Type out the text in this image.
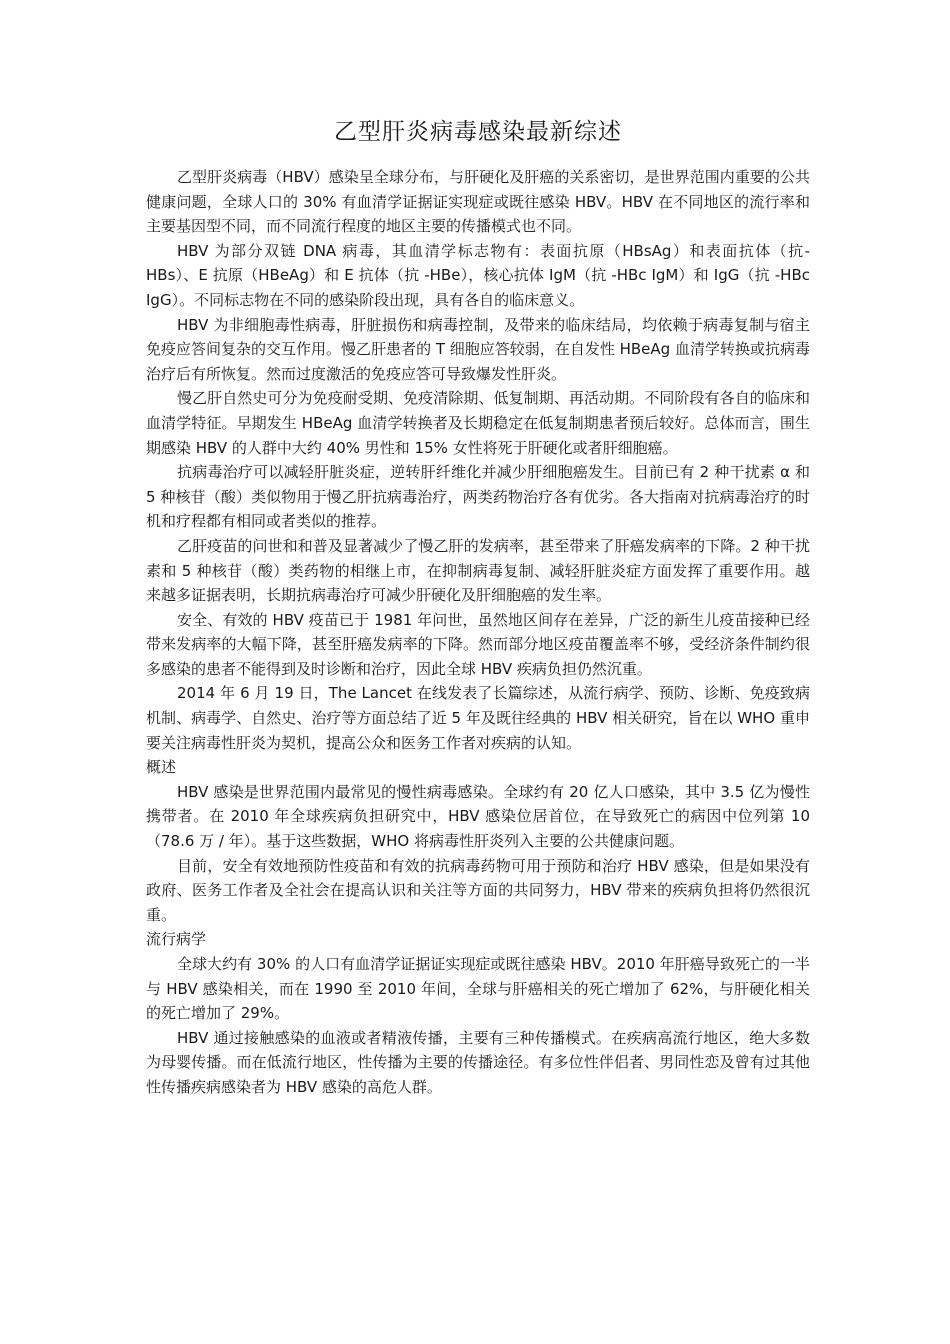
乙型肝炎病毒感染最新综述

乙型肝炎病毒（HBV）感染呈全球分布，与肝硬化及肝癌的关系密切，是世界范围内重要的公共健康问题，全球人口的 30% 有血清学证据证实现症或既往感染 HBV。HBV 在不同地区的流行率和主要基因型不同，而不同流行程度的地区主要的传播模式也不同。

HBV 为部分双链 DNA 病毒，其血清学标志物有：表面抗原（HBsAg）和表面抗体（抗-HBs）、E 抗原（HBeAg）和 E 抗体（抗 -HBe），核心抗体 IgM（抗 -HBc IgM）和 IgG（抗 -HBc IgG）。不同标志物在不同的感染阶段出现，具有各自的临床意义。

HBV 为非细胞毒性病毒，肝脏损伤和病毒控制，及带来的临床结局，均依赖于病毒复制与宿主免疫应答间复杂的交互作用。慢乙肝患者的 T 细胞应答较弱，在自发性 HBeAg 血清学转换或抗病毒治疗后有所恢复。然而过度激活的免疫应答可导致爆发性肝炎。

慢乙肝自然史可分为免疫耐受期、免疫清除期、低复制期、再活动期。不同阶段有各自的临床和血清学特征。早期发生 HBeAg 血清学转换者及长期稳定在低复制期患者预后较好。总体而言，围生期感染 HBV 的人群中大约 40% 男性和 15% 女性将死于肝硬化或者肝细胞癌。

抗病毒治疗可以减轻肝脏炎症，逆转肝纤维化并减少肝细胞癌发生。目前已有 2 种干扰素 α 和 5 种核苷（酸）类似物用于慢乙肝抗病毒治疗，两类药物治疗各有优劣。各大指南对抗病毒治疗的时机和疗程都有相同或者类似的推荐。

乙肝疫苗的问世和和普及显著减少了慢乙肝的发病率，甚至带来了肝癌发病率的下降。2 种干扰素和 5 种核苷（酸）类药物的相继上市，在抑制病毒复制、减轻肝脏炎症方面发挥了重要作用。越来越多证据表明，长期抗病毒治疗可减少肝硬化及肝细胞癌的发生率。

安全、有效的 HBV 疫苗已于 1981 年问世，虽然地区间存在差异，广泛的新生儿疫苗接种已经带来发病率的大幅下降，甚至肝癌发病率的下降。然而部分地区疫苗覆盖率不够，受经济条件制约很多感染的患者不能得到及时诊断和治疗，因此全球 HBV 疾病负担仍然沉重。

2014 年 6 月 19 日，The Lancet 在线发表了长篇综述，从流行病学、预防、诊断、免疫致病机制、病毒学、自然史、治疗等方面总结了近 5 年及既往经典的 HBV 相关研究，旨在以 WHO 重申要关注病毒性肝炎为契机，提高公众和医务工作者对疾病的认知。

概述

HBV 感染是世界范围内最常见的慢性病毒感染。全球约有 20 亿人口感染，其中 3.5 亿为慢性携带者。在 2010 年全球疾病负担研究中，HBV 感染位居首位，在导致死亡的病因中位列第 10（78.6 万 / 年）。基于这些数据，WHO 将病毒性肝炎列入主要的公共健康问题。

目前，安全有效地预防性疫苗和有效的抗病毒药物可用于预防和治疗 HBV 感染，但是如果没有政府、医务工作者及全社会在提高认识和关注等方面的共同努力，HBV 带来的疾病负担将仍然很沉重。

流行病学

全球大约有 30% 的人口有血清学证据证实现症或既往感染 HBV。2010 年肝癌导致死亡的一半与 HBV 感染相关，而在 1990 至 2010 年间，全球与肝癌相关的死亡增加了 62%，与肝硬化相关的死亡增加了 29%。

HBV 通过接触感染的血液或者精液传播，主要有三种传播模式。在疾病高流行地区，绝大多数为母婴传播。而在低流行地区，性传播为主要的传播途径。有多位性伴侣者、男同性恋及曾有过其他性传播疾病感染者为 HBV 感染的高危人群。
